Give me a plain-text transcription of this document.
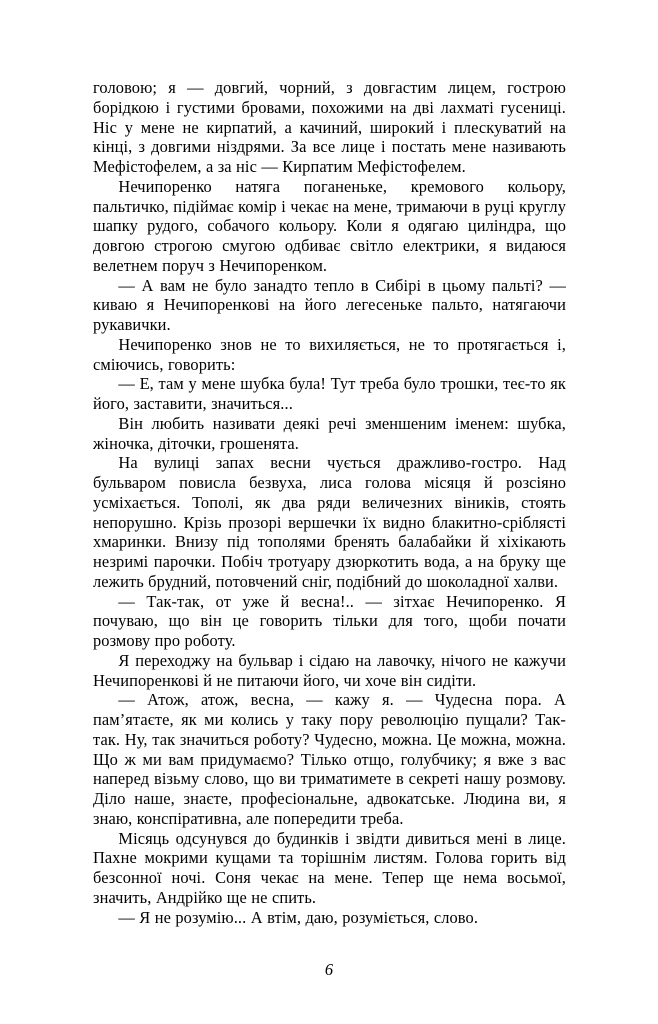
головою; я — довгий, чорний, з довгастим лицем, гострою борідкою і густими бровами, похожими на дві лахматі гусениці. Ніс у мене не кирпатий, а качиний, широкий і плескуватий на кінці, з довгими ніздрями. За все лице і постать мене називають Мефістофелем, а за ніс — Кирпатим Мефістофелем.

Нечипоренко натяга поганеньке, кремового кольору, пальтичко, підіймає комір і чекає на мене, тримаючи в руці круглу шапку рудого, собачого кольору. Коли я одягаю циліндра, що довгою строгою смугою одбиває світло електрики, я видаюся велетнем поруч з Нечипоренком.

— А вам не було занадто тепло в Сибірі в цьому пальті? — киваю я Нечипоренкові на його легесеньке пальто, натягаючи рукавички.

Нечипоренко знов не то вихиляється, не то протягається і, сміючись, говорить:

— Е, там у мене шубка була! Тут треба було трошки, теє-то як його, заставити, значиться...

Він любить називати деякі речі зменшеним іменем: шубка, жіночка, діточки, грошенята.

На вулиці запах весни чується дражливо-гостро. Над бульваром повисла безвуха, лиса голова місяця й розсіяно усміхається. Тополі, як два ряди величезних віників, стоять непорушно. Крізь прозорі вершечки їх видно блакитно-сріблясті хмаринки. Внизу під тополями бренять балабайки й хіхікають незримі парочки. Побіч тротуару дзюркотить вода, а на бруку ще лежить брудний, потовчений сніг, подібний до шоколадної халви.

— Так-так, от уже й весна!.. — зітхає Нечипоренко. Я почуваю, що він це говорить тільки для того, щоби почати розмову про роботу.

Я переходжу на бульвар і сідаю на лавочку, нічого не кажучи Нечипоренкові й не питаючи його, чи хоче він сидіти.

— Атож, атож, весна, — кажу я. — Чудесна пора. А пам’ятаєте, як ми колись у таку пору революцію пущали? Так-так. Ну, так значиться роботу? Чудесно, можна. Це можна, можна. Що ж ми вам придумаємо? Тілько отщо, голубчику; я вже з вас наперед візьму слово, що ви триматимете в секреті нашу розмову. Діло наше, знаєте, професіональне, адвокатське. Людина ви, я знаю, конспіративна, але попередити треба.

Місяць одсунувся до будинків і звідти дивиться мені в лице. Пахне мокрими кущами та торішнім листям. Голова горить від безсонної ночі. Соня чекає на мене. Тепер ще нема восьмої, значить, Андрійко ще не спить.

— Я не розумію... А втім, даю, розуміється, слово.

6
